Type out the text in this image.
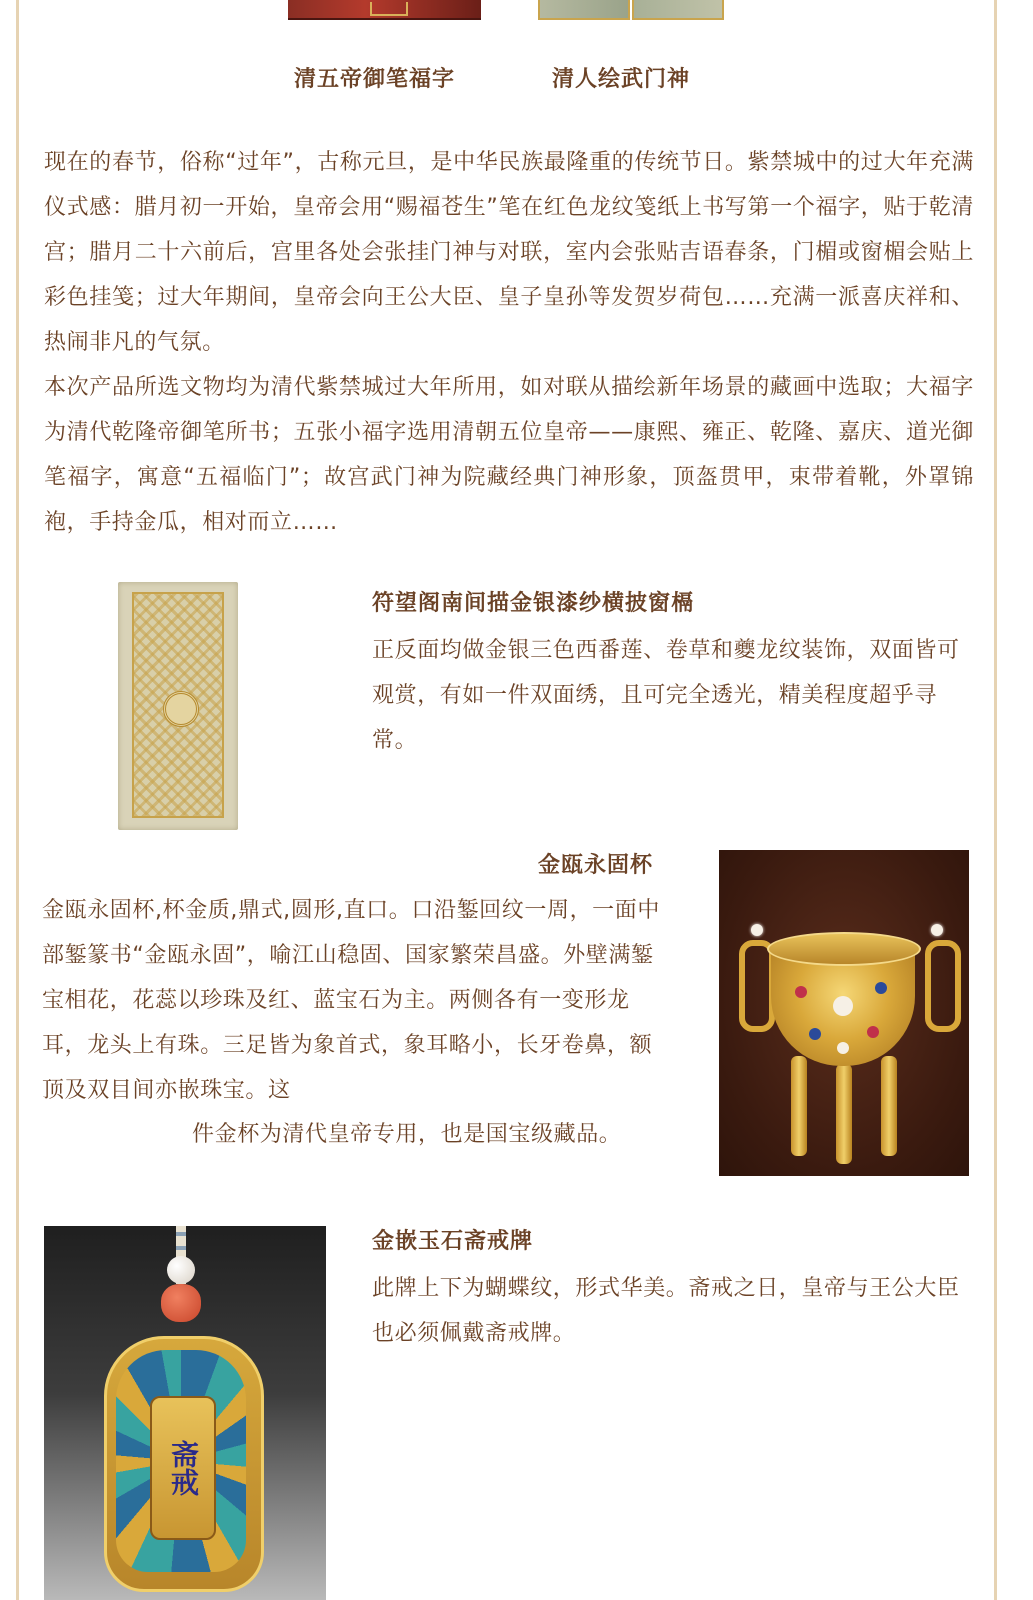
清五帝御笔福字	清人绘武门神

现在的春节，俗称“过年”，古称元旦，是中华民族最隆重的传统节日。紫禁城中的过大年充满仪式感：腊月初一开始，皇帝会用“赐福苍生”笔在红色龙纹笺纸上书写第一个福字，贴于乾清宫；腊月二十六前后，宫里各处会张挂门神与对联，室内会张贴吉语春条，门楣或窗楣会贴上彩色挂笺；过大年期间，皇帝会向王公大臣、皇子皇孙等发贺岁荷包……充满一派喜庆祥和、热闹非凡的气氛。

本次产品所选文物均为清代紫禁城过大年所用，如对联从描绘新年场景的藏画中选取；大福字为清代乾隆帝御笔所书；五张小福字选用清朝五位皇帝——康熙、雍正、乾隆、嘉庆、道光御笔福字，寓意“五福临门”；故宫武门神为院藏经典门神形象，顶盔贯甲，束带着靴，外罩锦袍，手持金瓜，相对而立……

符望阁南间描金银漆纱横披窗槅

正反面均做金银三色西番莲、卷草和夔龙纹装饰，双面皆可观赏，有如一件双面绣，且可完全透光，精美程度超乎寻常。

金瓯永固杯

金瓯永固杯,杯金质,鼎式,圆形,直口。口沿錾回纹一周，一面中部錾篆书“金瓯永固”，喻江山稳固、国家繁荣昌盛。外壁满錾宝相花，花蕊以珍珠及红、蓝宝石为主。两侧各有一变形龙耳，龙头上有珠。三足皆为象首式，象耳略小，长牙卷鼻，额顶及双目间亦嵌珠宝。这

件金杯为清代皇帝专用，也是国宝级藏品。

斋戒
金嵌玉石斋戒牌

此牌上下为蝴蝶纹，形式华美。斋戒之日，皇帝与王公大臣也必须佩戴斋戒牌。
